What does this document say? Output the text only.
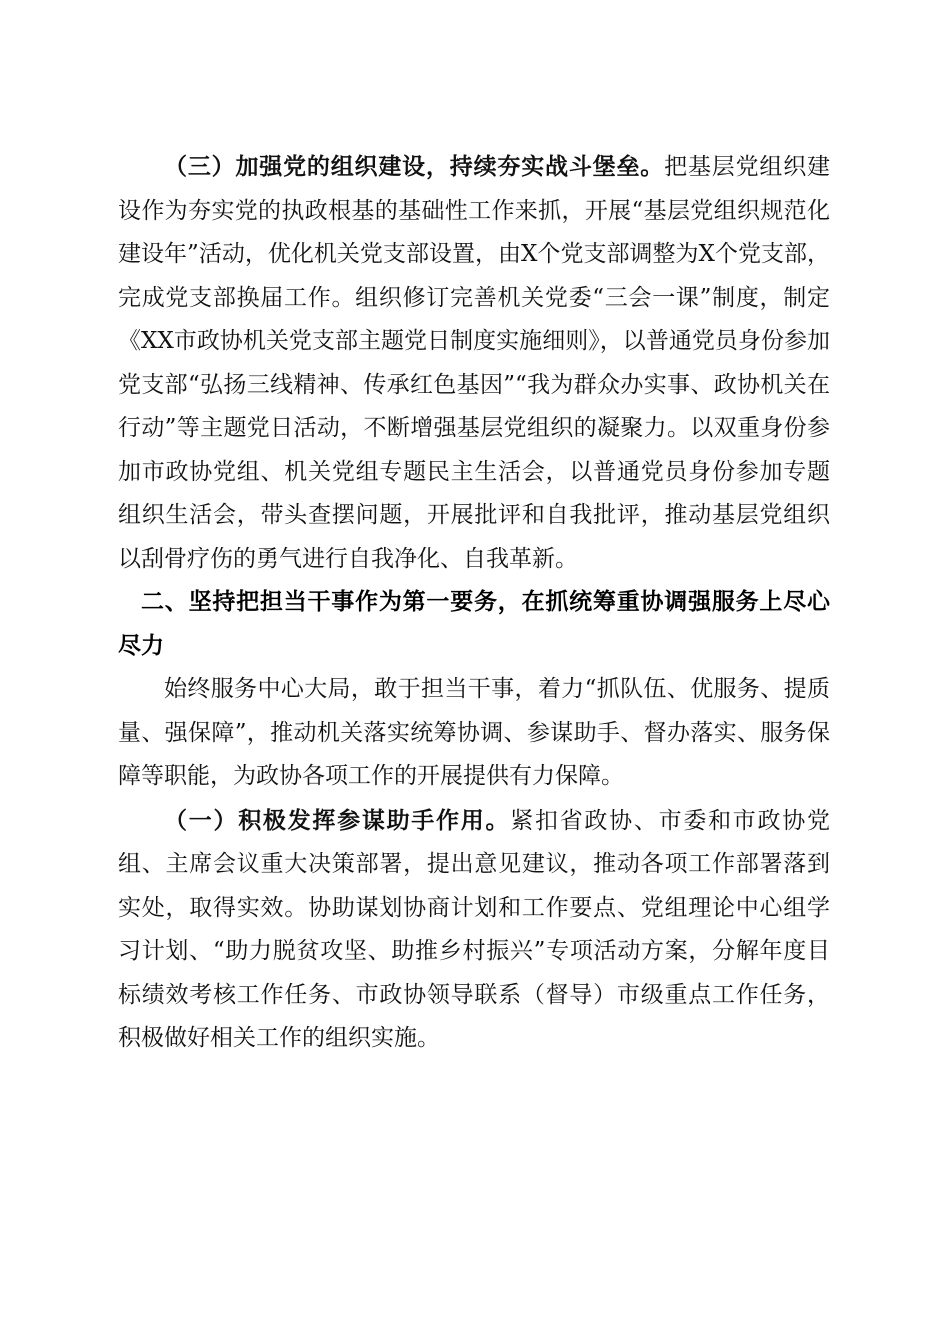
（三）加强党的组织建设，持续夯实战斗堡垒。把基层党组织建设作为夯实党的执政根基的基础性工作来抓，开展“基层党组织规范化建设年”活动，优化机关党支部设置，由X个党支部调整为X个党支部，完成党支部换届工作。组织修订完善机关党委“三会一课”制度，制定《XX市政协机关党支部主题党日制度实施细则》，以普通党员身份参加党支部“弘扬三线精神、传承红色基因”“我为群众办实事、政协机关在行动”等主题党日活动，不断增强基层党组织的凝聚力。以双重身份参加市政协党组、机关党组专题民主生活会，以普通党员身份参加专题组织生活会，带头查摆问题，开展批评和自我批评，推动基层党组织以刮骨疗伤的勇气进行自我净化、自我革新。

二、坚持把担当干事作为第一要务，在抓统筹重协调强服务上尽心尽力

始终服务中心大局，敢于担当干事，着力“抓队伍、优服务、提质量、强保障”，推动机关落实统筹协调、参谋助手、督办落实、服务保障等职能，为政协各项工作的开展提供有力保障。

（一）积极发挥参谋助手作用。紧扣省政协、市委和市政协党组、主席会议重大决策部署，提出意见建议，推动各项工作部署落到实处，取得实效。协助谋划协商计划和工作要点、党组理论中心组学习计划、“助力脱贫攻坚、助推乡村振兴”专项活动方案，分解年度目标绩效考核工作任务、市政协领导联系（督导）市级重点工作任务，积极做好相关工作的组织实施。
